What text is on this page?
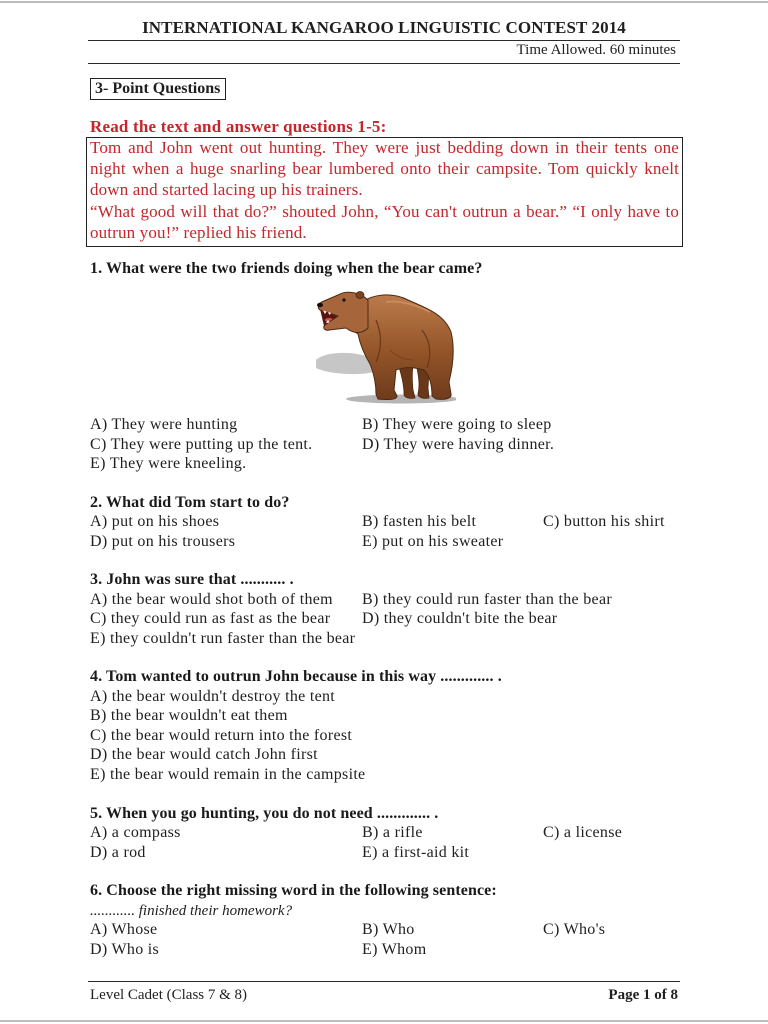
INTERNATIONAL KANGAROO LINGUISTIC CONTEST 2014
Time Allowed. 60 minutes
3- Point Questions
Read the text and answer questions 1-5:
Tom and John went out hunting. They were just bedding down in their tents one
night when a huge snarling bear lumbered onto their campsite. Tom quickly knelt
down and started lacing up his trainers.
“What good will that do?” shouted John, “You can't outrun a bear.” “I only have to
outrun you!” replied his friend.
1. What were the two friends doing when the bear came?
A) They were hunting	B) They were going to sleep
C) They were putting up the tent.	D) They were having dinner.
E) They were kneeling.
2. What did Tom start to do?
A) put on his shoes	B) fasten his belt	C) button his shirt
D) put on his trousers	E) put on his sweater
3. John was sure that ........... .
A) the bear would shot both of them B) they could run faster than the bear
C) they could run as fast as the bear D) they couldn't bite the bear
E) they couldn't run faster than the bear
4. Tom wanted to outrun John because in this way ............. .
A) the bear wouldn't destroy the tent
B) the bear wouldn't eat them
C) the bear would return into the forest
D) the bear would catch John first
E) the bear would remain in the campsite
5. When you go hunting, you do not need ............. .
A) a compass	B) a rifle	C) a license
D) a rod	E) a first-aid kit
6. Choose the right missing word in the following sentence:
............ finished their homework?
A) Whose	B) Who	C) Who's
D) Who is	E) Whom
Level Cadet (Class 7 & 8)	Page 1 of 8
